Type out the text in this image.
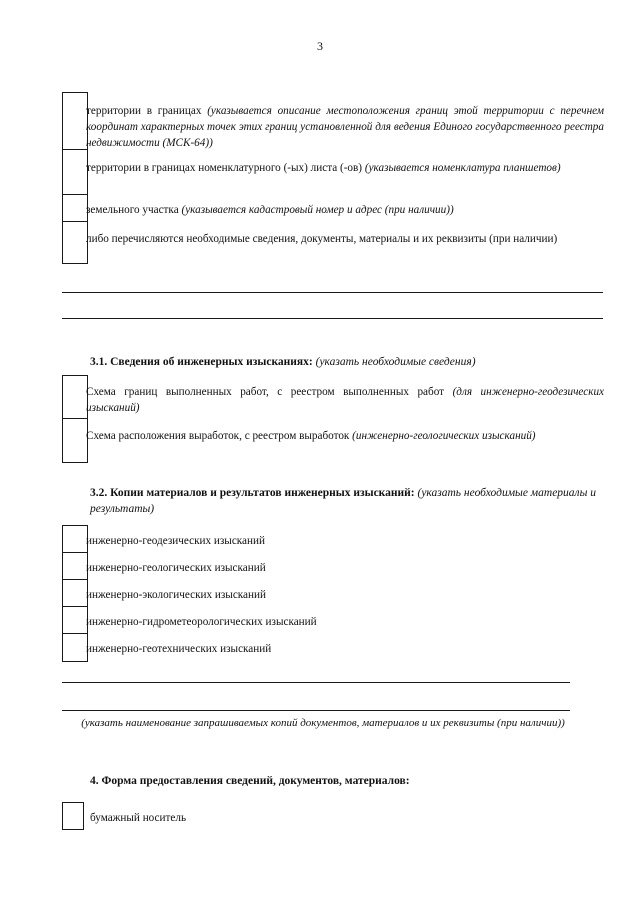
3
территории в границах (указывается описание местоположения границ этой территории с перечнем координат характерных точек этих границ установленной для ведения Единого государственного реестра недвижимости (МСК-64))
территории в границах номенклатурного (-ых) листа (-ов) (указывается номенклатура планшетов)
земельного участка (указывается кадастровый номер и адрес (при наличии))
либо перечисляются необходимые сведения, документы, материалы и их реквизиты (при наличии)
3.1. Сведения об инженерных изысканиях: (указать необходимые сведения)
Схема границ выполненных работ, с реестром выполненных работ (для инженерно-геодезических изысканий)
Схема расположения выработок, с реестром выработок (инженерно-геологических изысканий)
3.2. Копии материалов и результатов инженерных изысканий: (указать необходимые материалы и результаты)
инженерно-геодезических изысканий
инженерно-геологических изысканий
инженерно-экологических изысканий
инженерно-гидрометеорологических изысканий
инженерно-геотехнических изысканий
(указать наименование запрашиваемых копий документов, материалов и их реквизиты (при наличии))
4. Форма предоставления сведений, документов, материалов:
бумажный носитель
